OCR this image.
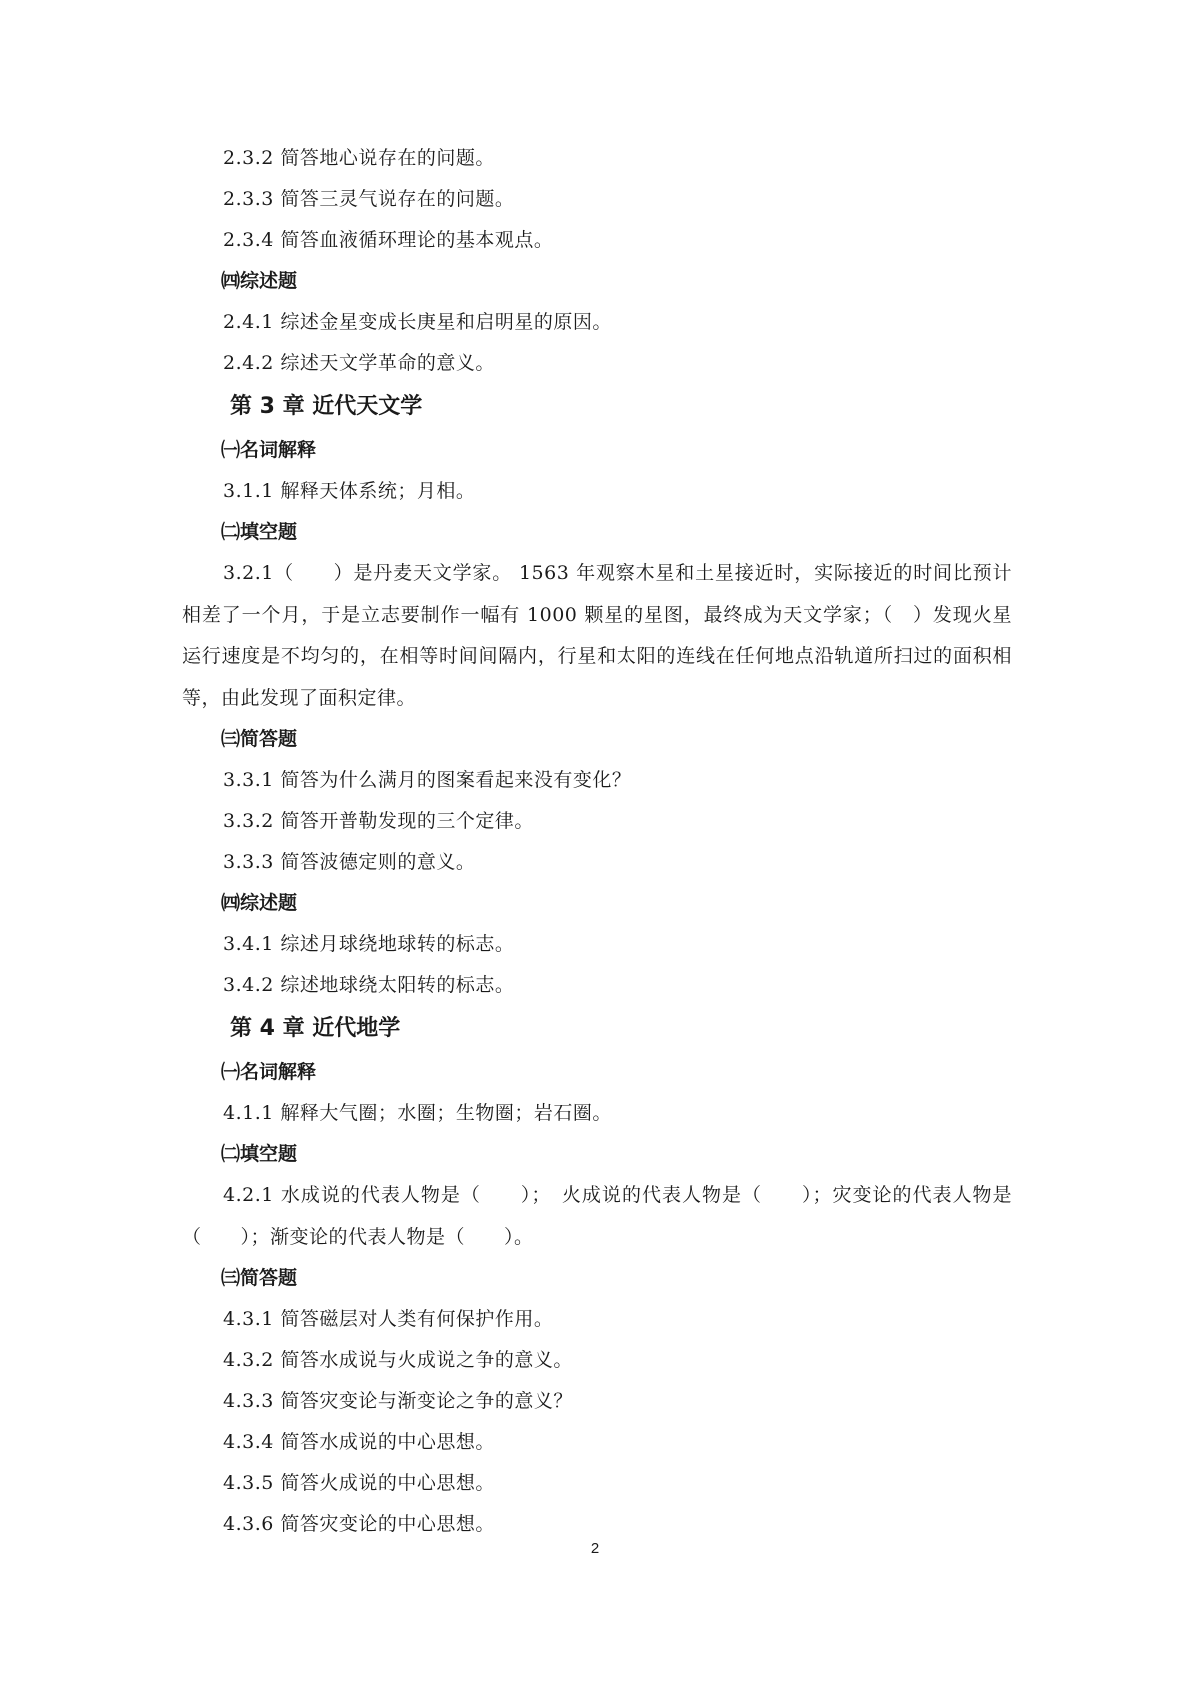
2.3.2 简答地心说存在的问题。
2.3.3 简答三灵气说存在的问题。
2.3.4 简答血液循环理论的基本观点。
㈣综述题
2.4.1 综述金星变成长庚星和启明星的原因。
2.4.2 综述天文学革命的意义。
第 3 章 近代天文学
㈠名词解释
3.1.1 解释天体系统；月相。
㈡填空题
3.2.1（　　）是丹麦天文学家。 1563 年观察木星和土星接近时，实际接近的时间比预计相差了一个月，于是立志要制作一幅有 1000 颗星的星图，最终成为天文学家；（　）发现火星运行速度是不均匀的，在相等时间间隔内，行星和太阳的连线在任何地点沿轨道所扫过的面积相等，由此发现了面积定律。
㈢简答题
3.3.1 简答为什么满月的图案看起来没有变化？
3.3.2 简答开普勒发现的三个定律。
3.3.3 简答波德定则的意义。
㈣综述题
3.4.1 综述月球绕地球转的标志。
3.4.2 综述地球绕太阳转的标志。
第 4 章 近代地学
㈠名词解释
4.1.1 解释大气圈；水圈；生物圈；岩石圈。
㈡填空题
4.2.1 水成说的代表人物是（　　）；　火成说的代表人物是（　　）；灾变论的代表人物是（　　）；渐变论的代表人物是（　　）。
㈢简答题
4.3.1 简答磁层对人类有何保护作用。
4.3.2 简答水成说与火成说之争的意义。
4.3.3 简答灾变论与渐变论之争的意义？
4.3.4 简答水成说的中心思想。
4.3.5 简答火成说的中心思想。
4.3.6 简答灾变论的中心思想。
2
